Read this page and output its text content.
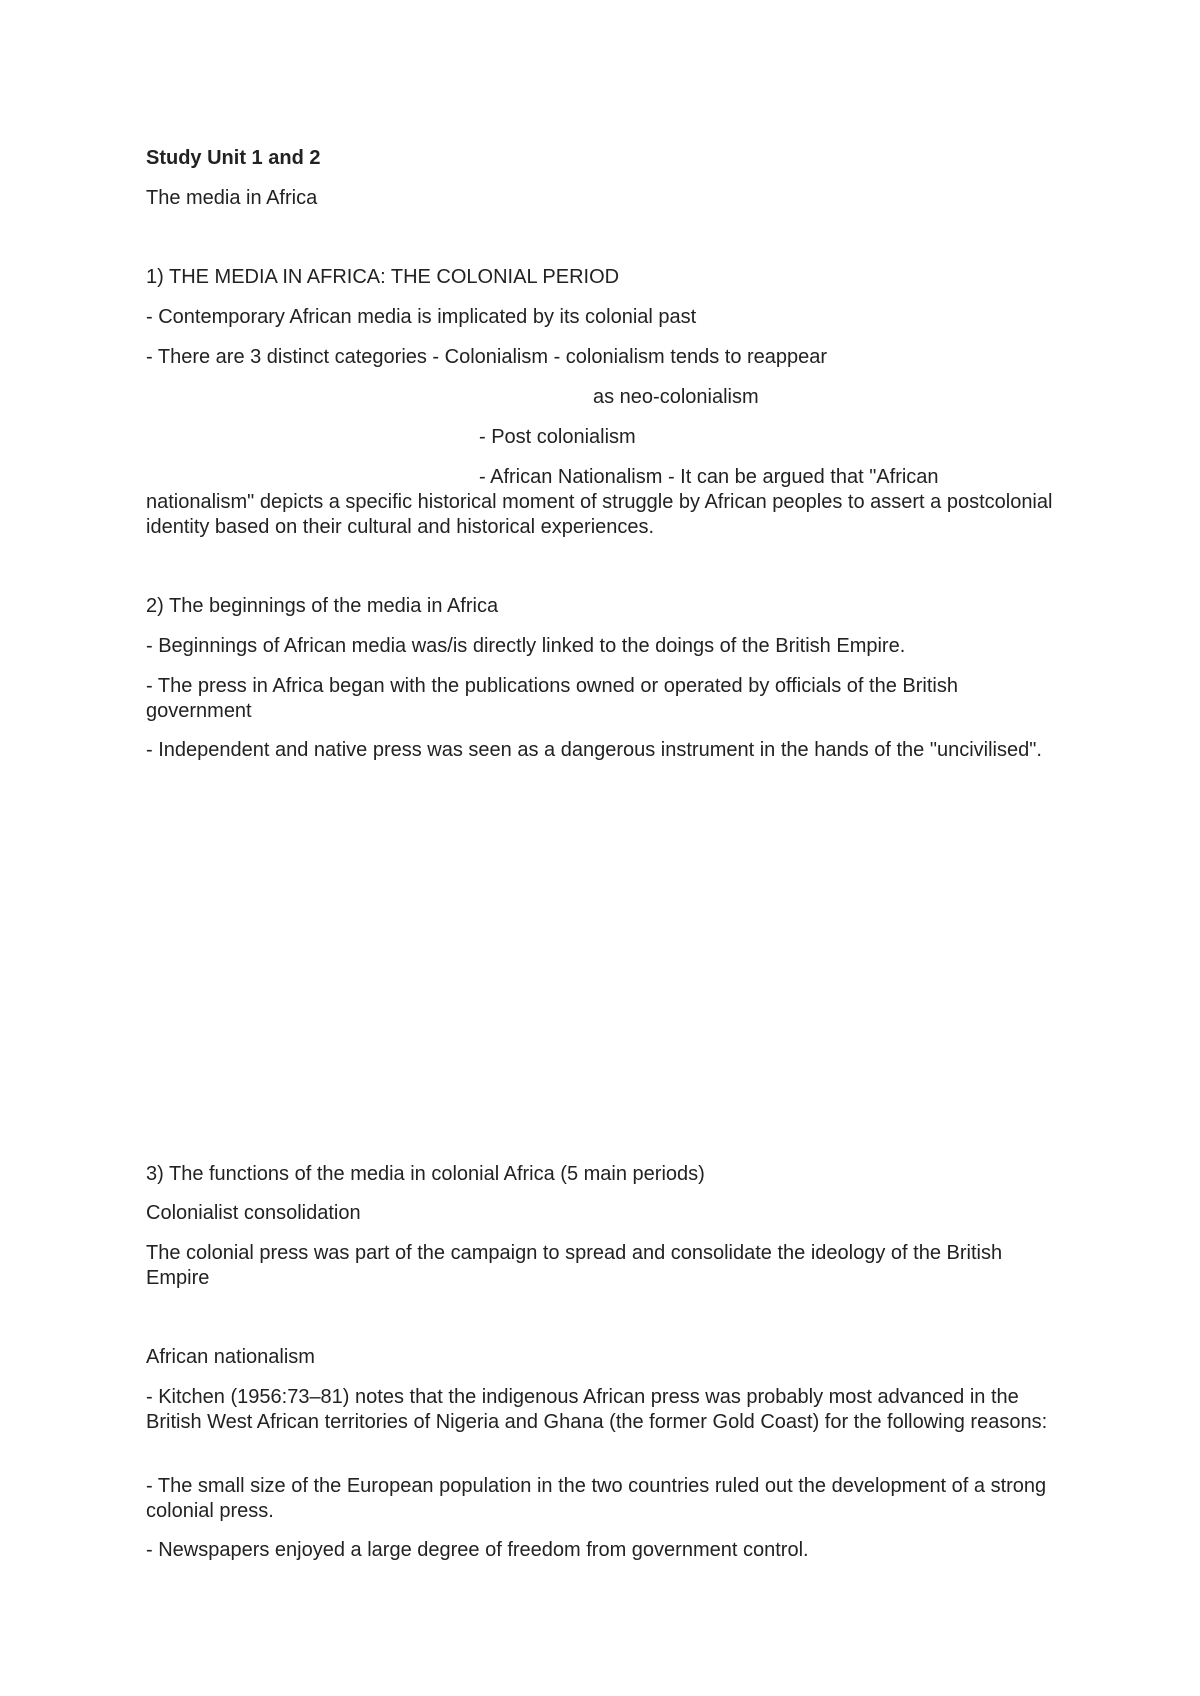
Study Unit 1 and 2
The media in Africa
1) THE MEDIA IN AFRICA: THE COLONIAL PERIOD
- Contemporary African media is implicated by its colonial past
- There are 3 distinct categories - Colonialism - colonialism tends to reappear
as neo-colonialism
- Post colonialism
- African Nationalism - It can be argued that "African
nationalism" depicts a specific historical moment of struggle by African peoples to assert a postcolonial identity based on their cultural and historical experiences.
2) The beginnings of the media in Africa
- Beginnings of African media was/is directly linked to the doings of the British Empire.
- The press in Africa began with the publications owned or operated by officials of the British government
- Independent and native press was seen as a dangerous instrument in the hands of the "uncivilised".
3) The functions of the media in colonial Africa (5 main periods)
Colonialist consolidation
The colonial press was part of the campaign to spread and consolidate the ideology of the British Empire
African nationalism
- Kitchen (1956:73–81) notes that the indigenous African press was probably most advanced in the British West African territories of Nigeria and Ghana (the former Gold Coast) for the following reasons:
- The small size of the European population in the two countries ruled out the development of a strong colonial press.
- Newspapers enjoyed a large degree of freedom from government control.
